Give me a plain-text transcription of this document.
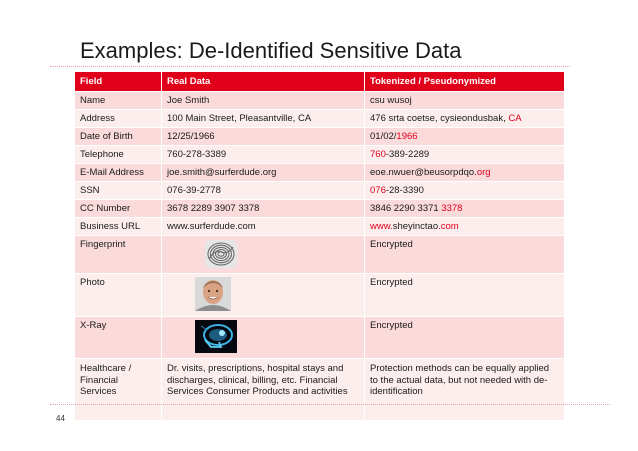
Examples: De-Identified Sensitive Data
Field	Real Data	Tokenized / Pseudonymized
Name	Joe Smith	csu wusoj
Address	100 Main Street, Pleasantville, CA	476 srta coetse, cysieondusbak, CA
Date of Birth	12/25/1966	01/02/1966
Telephone	760-278-3389	760-389-2289
E-Mail Address	joe.smith@surferdude.org	eoe.nwuer@beusorpdqo.org
SSN	076-39-2778	076-28-3390
CC Number	3678 2289 3907 3378	3846 2290 3371 3378
Business URL	www.surferdude.com	www.sheyinctao.com
Fingerprint		Encrypted
Photo		Encrypted
X-Ray		Encrypted
Healthcare / Financial Services	Dr. visits, prescriptions, hospital stays and discharges, clinical, billing, etc. Financial Services Consumer Products and activities	Protection methods can be equally applied to the actual data, but not needed with de-identification
44
